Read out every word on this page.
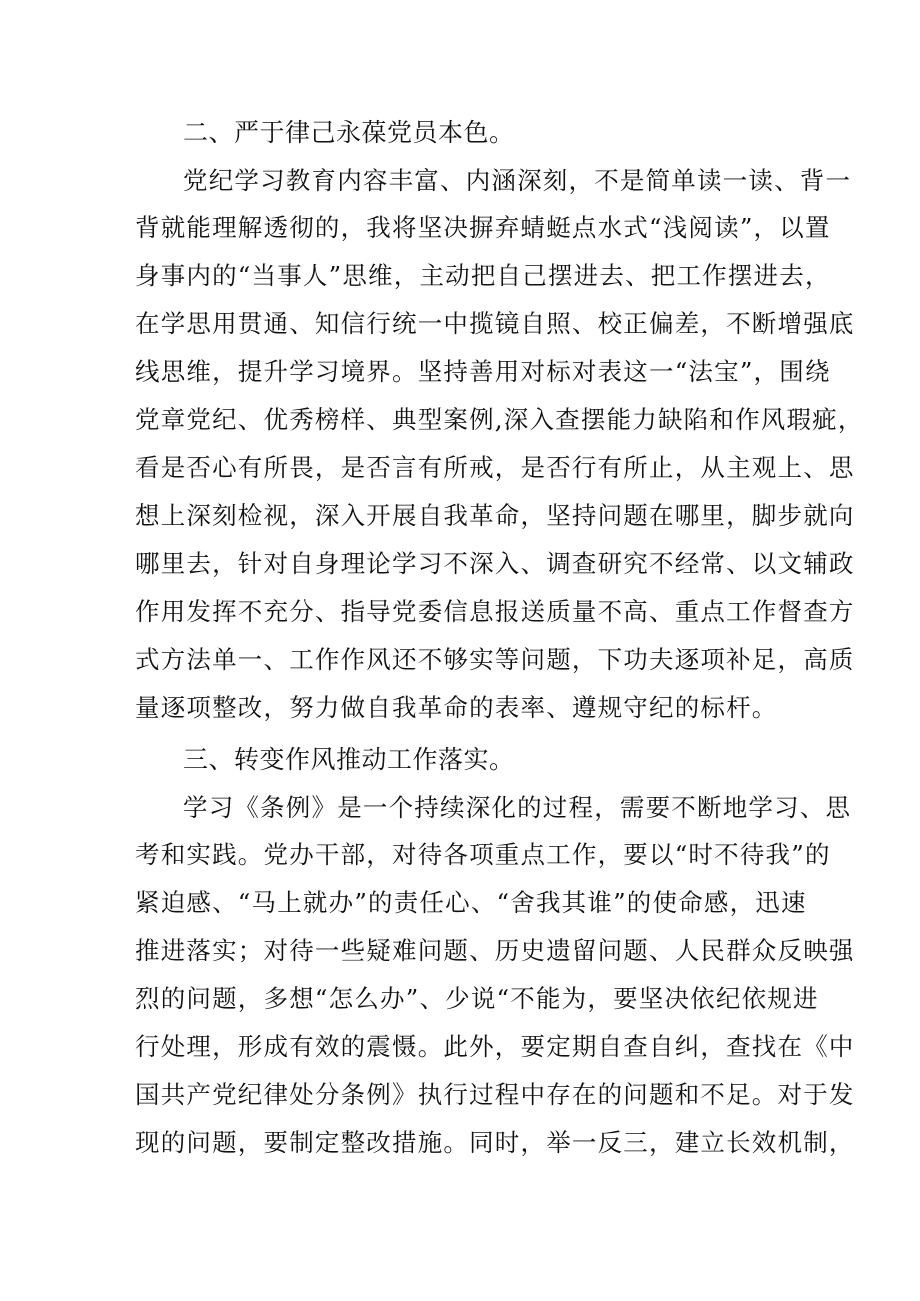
二、严于律己永葆党员本色。
党纪学习教育内容丰富、内涵深刻，不是简单读一读、背一
背就能理解透彻的，我将坚决摒弃蜻蜓点水式“浅阅读”，以置
身事内的“当事人”思维，主动把自己摆进去、把工作摆进去，
在学思用贯通、知信行统一中揽镜自照、校正偏差，不断增强底
线思维，提升学习境界。坚持善用对标对表这一“法宝”，围绕
党章党纪、优秀榜样、典型案例,深入查摆能力缺陷和作风瑕疵，
看是否心有所畏，是否言有所戒，是否行有所止，从主观上、思
想上深刻检视，深入开展自我革命，坚持问题在哪里，脚步就向
哪里去，针对自身理论学习不深入、调查研究不经常、以文辅政
作用发挥不充分、指导党委信息报送质量不高、重点工作督查方
式方法单一、工作作风还不够实等问题，下功夫逐项补足，高质
量逐项整改，努力做自我革命的表率、遵规守纪的标杆。
三、转变作风推动工作落实。
学习《条例》是一个持续深化的过程，需要不断地学习、思
考和实践。党办干部，对待各项重点工作，要以“时不待我”的
紧迫感、“马上就办”的责任心、“舍我其谁”的使命感，迅速
推进落实；对待一些疑难问题、历史遗留问题、人民群众反映强
烈的问题，多想“怎么办”、少说“不能为，要坚决依纪依规进
行处理，形成有效的震慑。此外，要定期自查自纠，查找在《中
国共产党纪律处分条例》执行过程中存在的问题和不足。对于发
现的问题，要制定整改措施。同时，举一反三，建立长效机制，
